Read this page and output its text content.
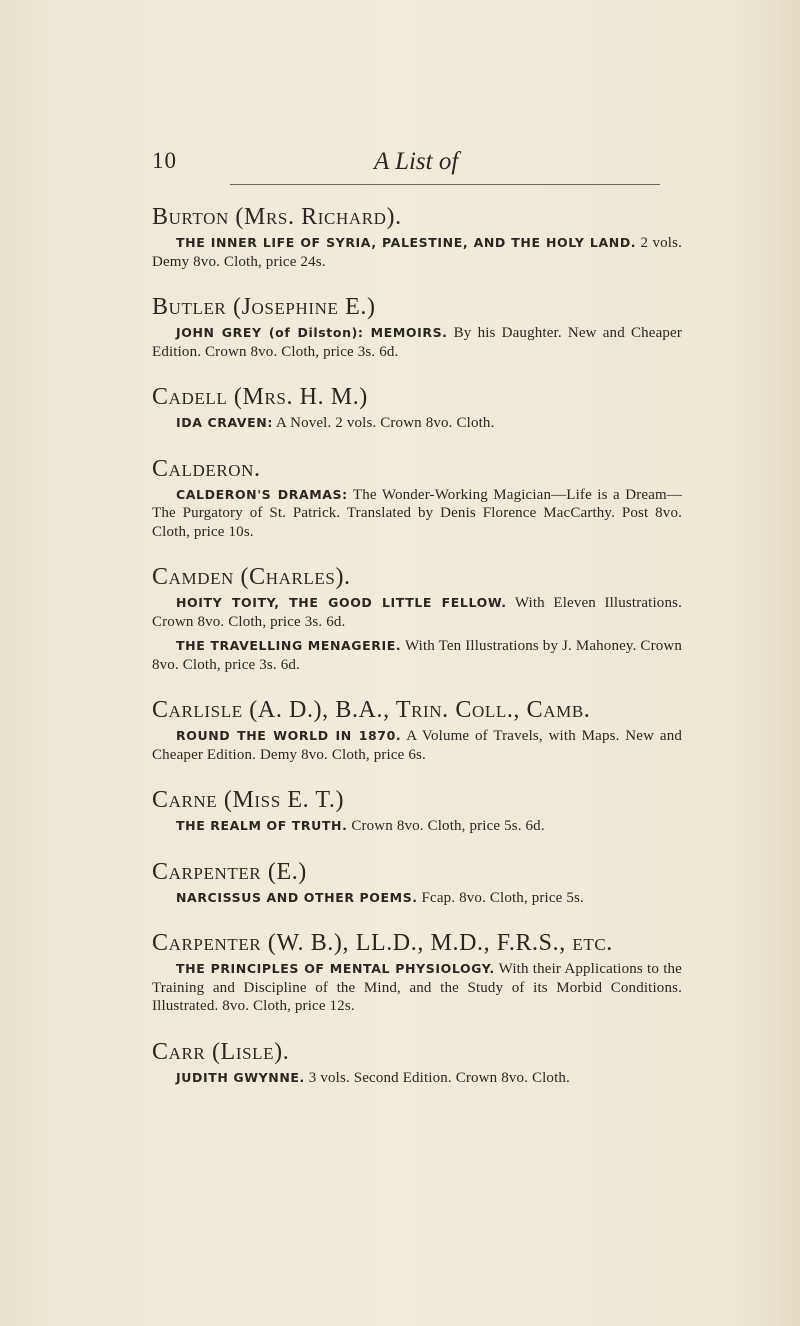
10	A List of
Burton (Mrs. Richard).
THE INNER LIFE OF SYRIA, PALESTINE, AND THE HOLY LAND. 2 vols. Demy 8vo. Cloth, price 24s.
Butler (Josephine E.)
JOHN GREY (of Dilston): MEMOIRS. By his Daughter. New and Cheaper Edition. Crown 8vo. Cloth, price 3s. 6d.
Cadell (Mrs. H. M.)
IDA CRAVEN: A Novel. 2 vols. Crown 8vo. Cloth.
Calderon.
CALDERON'S DRAMAS: The Wonder-Working Magician—Life is a Dream—The Purgatory of St. Patrick. Translated by Denis Florence MacCarthy. Post 8vo. Cloth, price 10s.
Camden (Charles).
HOITY TOITY, THE GOOD LITTLE FELLOW. With Eleven Illustrations. Crown 8vo. Cloth, price 3s. 6d.
THE TRAVELLING MENAGERIE. With Ten Illustrations by J. Mahoney. Crown 8vo. Cloth, price 3s. 6d.
Carlisle (A. D.), B.A., Trin. Coll., Camb.
ROUND THE WORLD IN 1870. A Volume of Travels, with Maps. New and Cheaper Edition. Demy 8vo. Cloth, price 6s.
Carne (Miss E. T.)
THE REALM OF TRUTH. Crown 8vo. Cloth, price 5s. 6d.
Carpenter (E.)
NARCISSUS AND OTHER POEMS. Fcap. 8vo. Cloth, price 5s.
Carpenter (W. B.), LL.D., M.D., F.R.S., etc.
THE PRINCIPLES OF MENTAL PHYSIOLOGY. With their Applications to the Training and Discipline of the Mind, and the Study of its Morbid Conditions. Illustrated. 8vo. Cloth, price 12s.
Carr (Lisle).
JUDITH GWYNNE. 3 vols. Second Edition. Crown 8vo. Cloth.
